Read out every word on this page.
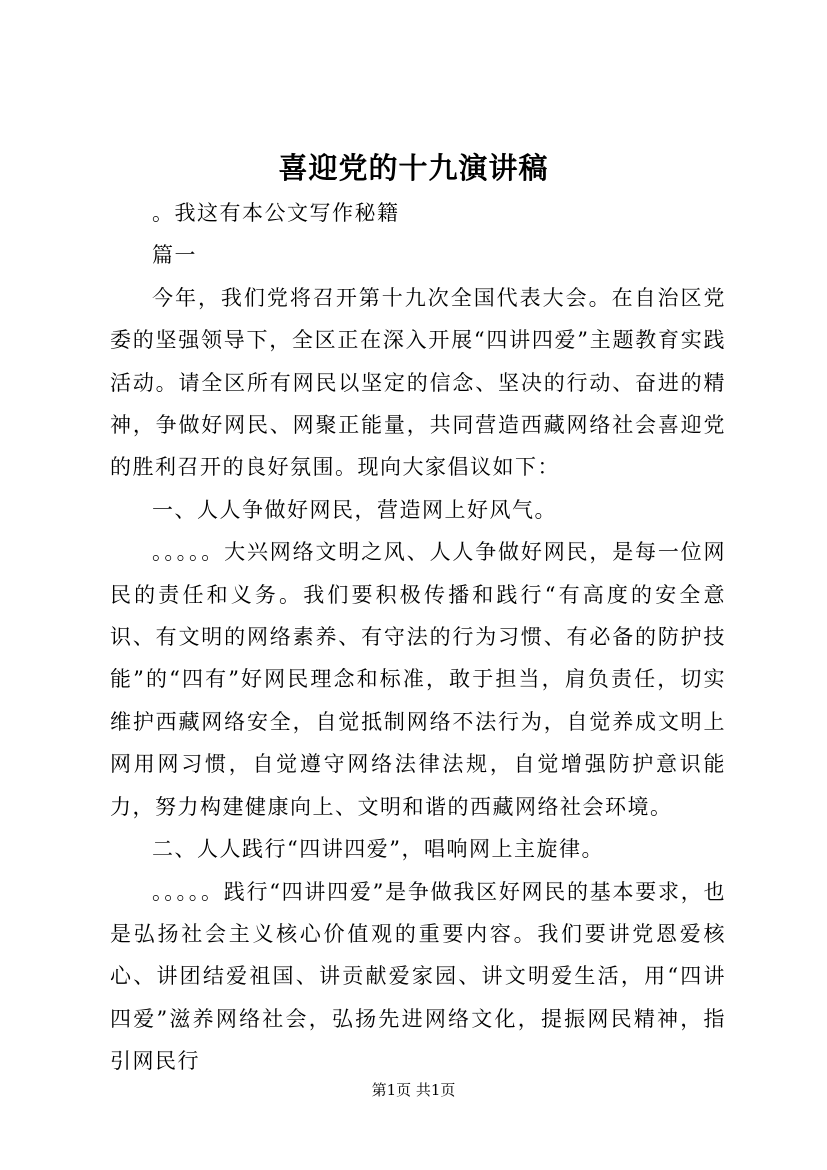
喜迎党的十九演讲稿

。我这有本公文写作秘籍

篇一

今年，我们党将召开第十九次全国代表大会。在自治区党委的坚强领导下，全区正在深入开展“四讲四爱”主题教育实践活动。请全区所有网民以坚定的信念、坚决的行动、奋进的精神，争做好网民、网聚正能量，共同营造西藏网络社会喜迎党的胜利召开的良好氛围。现向大家倡议如下：

一、人人争做好网民，营造网上好风气。

。。。。。大兴网络文明之风、人人争做好网民，是每一位网民的责任和义务。我们要积极传播和践行“有高度的安全意识、有文明的网络素养、有守法的行为习惯、有必备的防护技能”的“四有”好网民理念和标准，敢于担当，肩负责任，切实维护西藏网络安全，自觉抵制网络不法行为，自觉养成文明上网用网习惯，自觉遵守网络法律法规，自觉增强防护意识能力，努力构建健康向上、文明和谐的西藏网络社会环境。

二、人人践行“四讲四爱”，唱响网上主旋律。

。。。。。践行“四讲四爱”是争做我区好网民的基本要求，也是弘扬社会主义核心价值观的重要内容。我们要讲党恩爱核心、讲团结爱祖国、讲贡献爱家园、讲文明爱生活，用“四讲四爱”滋养网络社会，弘扬先进网络文化，提振网民精神，指引网民行

第1页 共1页
